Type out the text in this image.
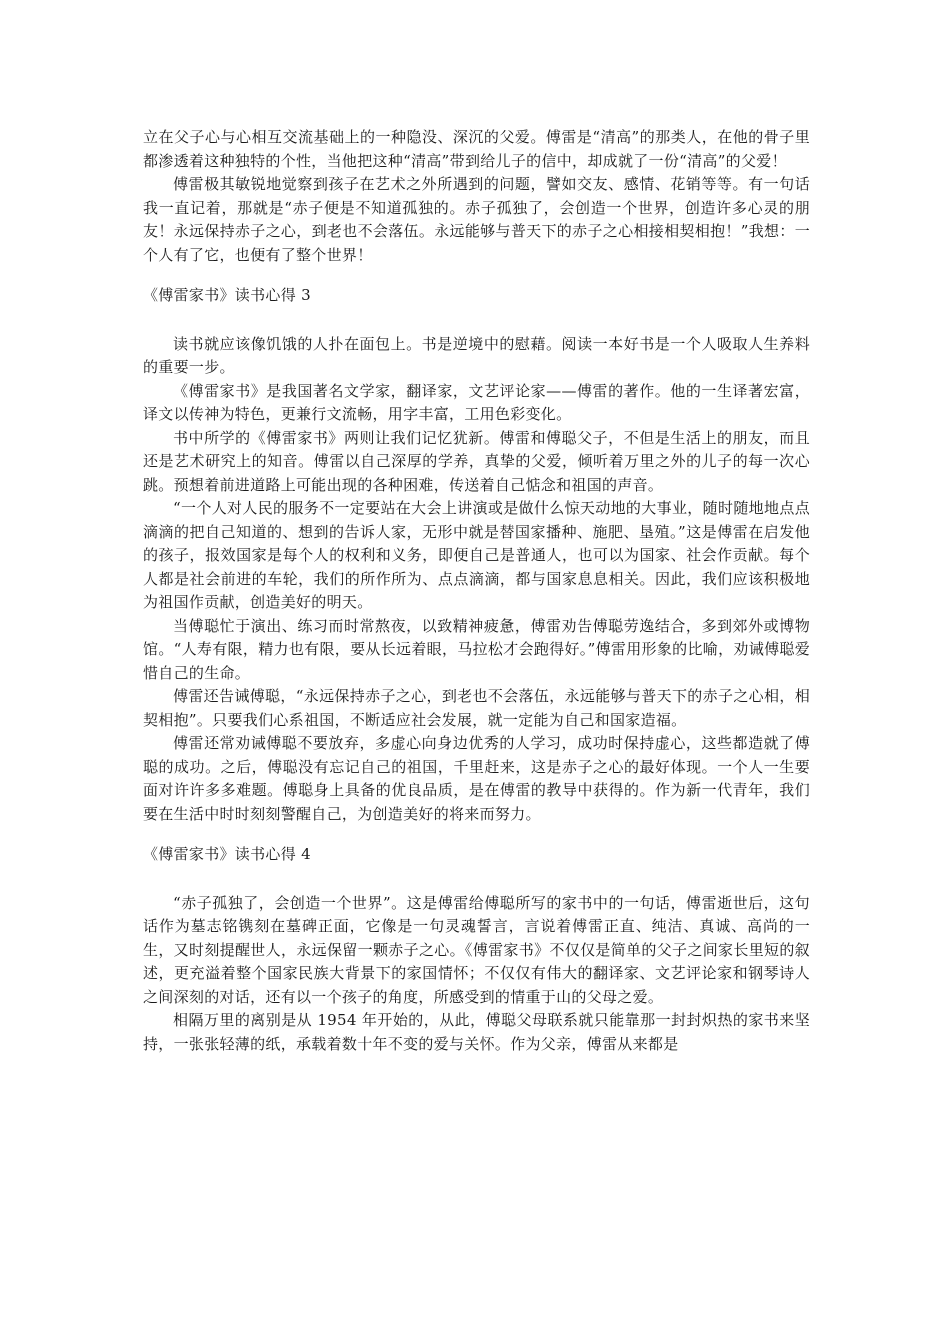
立在父子心与心相互交流基础上的一种隐没、深沉的父爱。傅雷是“清高”的那类人，在他的骨子里都渗透着这种独特的个性，当他把这种“清高”带到给儿子的信中，却成就了一份“清高”的父爱！

傅雷极其敏锐地觉察到孩子在艺术之外所遇到的问题，譬如交友、感情、花销等等。有一句话我一直记着，那就是“赤子便是不知道孤独的。赤子孤独了，会创造一个世界，创造许多心灵的朋友！永远保持赤子之心，到老也不会落伍。永远能够与普天下的赤子之心相接相契相抱！”我想：一个人有了它，也便有了整个世界！

《傅雷家书》读书心得 3

读书就应该像饥饿的人扑在面包上。书是逆境中的慰藉。阅读一本好书是一个人吸取人生养料的重要一步。

《傅雷家书》是我国著名文学家，翻译家，文艺评论家——傅雷的著作。他的一生译著宏富，译文以传神为特色，更兼行文流畅，用字丰富，工用色彩变化。

书中所学的《傅雷家书》两则让我们记忆犹新。傅雷和傅聪父子，不但是生活上的朋友，而且还是艺术研究上的知音。傅雷以自己深厚的学养，真挚的父爱，倾听着万里之外的儿子的每一次心跳。预想着前进道路上可能出现的各种困难，传送着自己惦念和祖国的声音。

“一个人对人民的服务不一定要站在大会上讲演或是做什么惊天动地的大事业，随时随地地点点滴滴的把自己知道的、想到的告诉人家，无形中就是替国家播种、施肥、垦殖。”这是傅雷在启发他的孩子，报效国家是每个人的权利和义务，即便自己是普通人，也可以为国家、社会作贡献。每个人都是社会前进的车轮，我们的所作所为、点点滴滴，都与国家息息相关。因此，我们应该积极地为祖国作贡献，创造美好的明天。

当傅聪忙于演出、练习而时常熬夜，以致精神疲惫，傅雷劝告傅聪劳逸结合，多到郊外或博物馆。“人寿有限，精力也有限，要从长远着眼，马拉松才会跑得好。”傅雷用形象的比喻，劝诫傅聪爱惜自己的生命。

傅雷还告诫傅聪，“永远保持赤子之心，到老也不会落伍，永远能够与普天下的赤子之心相，相契相抱”。只要我们心系祖国，不断适应社会发展，就一定能为自己和国家造福。

傅雷还常劝诫傅聪不要放弃，多虚心向身边优秀的人学习，成功时保持虚心，这些都造就了傅聪的成功。之后，傅聪没有忘记自己的祖国，千里赶来，这是赤子之心的最好体现。一个人一生要面对许许多多难题。傅聪身上具备的优良品质，是在傅雷的教导中获得的。作为新一代青年，我们要在生活中时时刻刻警醒自己，为创造美好的将来而努力。

《傅雷家书》读书心得 4

“赤子孤独了，会创造一个世界”。这是傅雷给傅聪所写的家书中的一句话，傅雷逝世后，这句话作为墓志铭镌刻在墓碑正面，它像是一句灵魂誓言，言说着傅雷正直、纯洁、真诚、高尚的一生，又时刻提醒世人，永远保留一颗赤子之心。《傅雷家书》不仅仅是简单的父子之间家长里短的叙述，更充溢着整个国家民族大背景下的家国情怀；不仅仅有伟大的翻译家、文艺评论家和钢琴诗人之间深刻的对话，还有以一个孩子的角度，所感受到的情重于山的父母之爱。

相隔万里的离别是从 1954 年开始的，从此，傅聪父母联系就只能靠那一封封炽热的家书来坚持，一张张轻薄的纸，承载着数十年不变的爱与关怀。作为父亲，傅雷从来都是
